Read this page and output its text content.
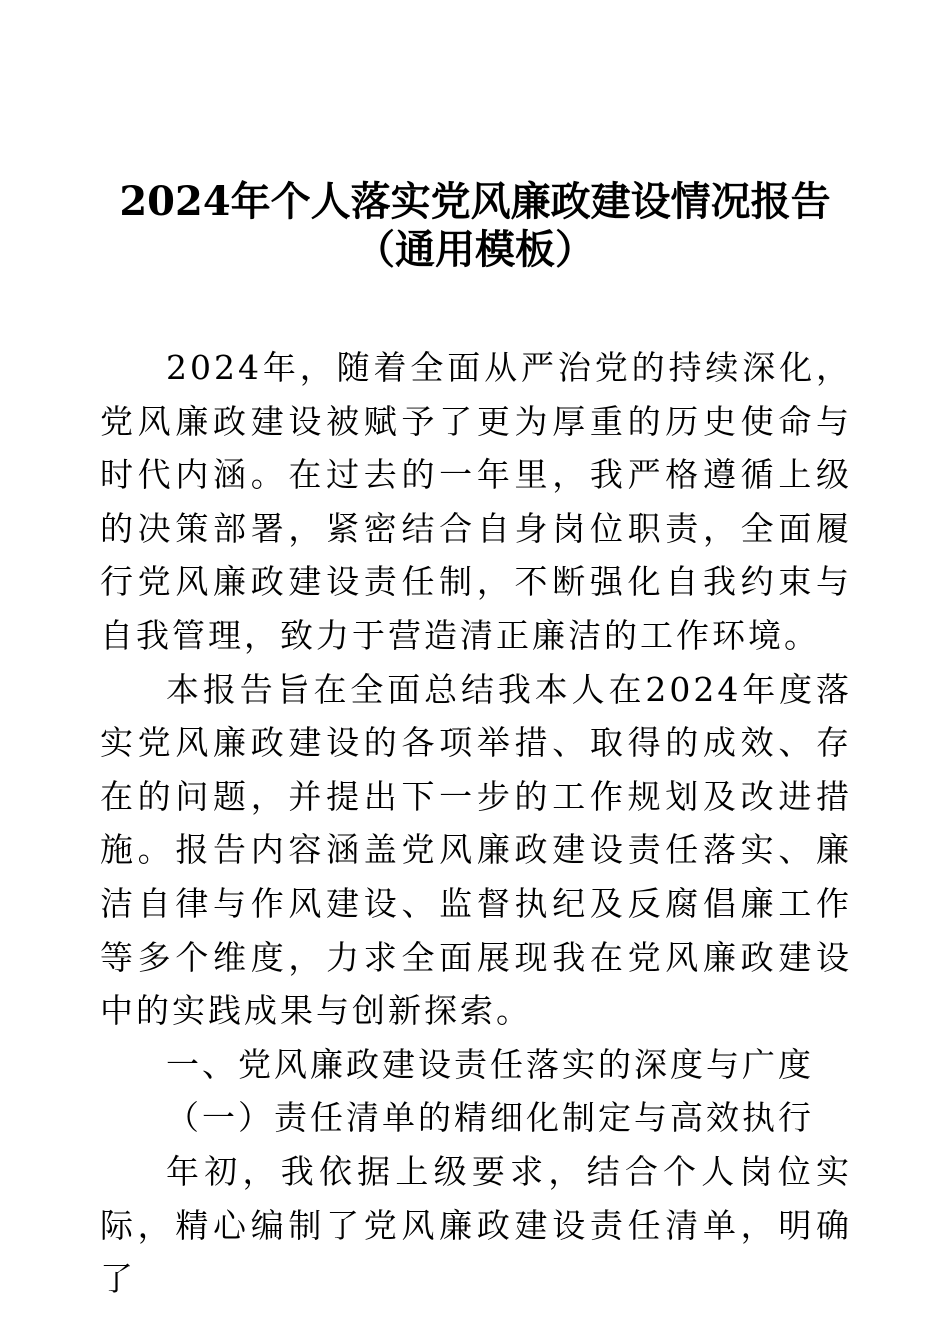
2024年个人落实党风廉政建设情况报告
（通用模板）

2024年，随着全面从严治党的持续深化，党风廉政建设被赋予了更为厚重的历史使命与时代内涵。在过去的一年里，我严格遵循上级的决策部署，紧密结合自身岗位职责，全面履行党风廉政建设责任制，不断强化自我约束与自我管理，致力于营造清正廉洁的工作环境。

本报告旨在全面总结我本人在2024年度落实党风廉政建设的各项举措、取得的成效、存在的问题，并提出下一步的工作规划及改进措施。报告内容涵盖党风廉政建设责任落实、廉洁自律与作风建设、监督执纪及反腐倡廉工作等多个维度，力求全面展现我在党风廉政建设中的实践成果与创新探索。

一、党风廉政建设责任落实的深度与广度

（一）责任清单的精细化制定与高效执行

年初，我依据上级要求，结合个人岗位实际，精心编制了党风廉政建设责任清单，明确了
